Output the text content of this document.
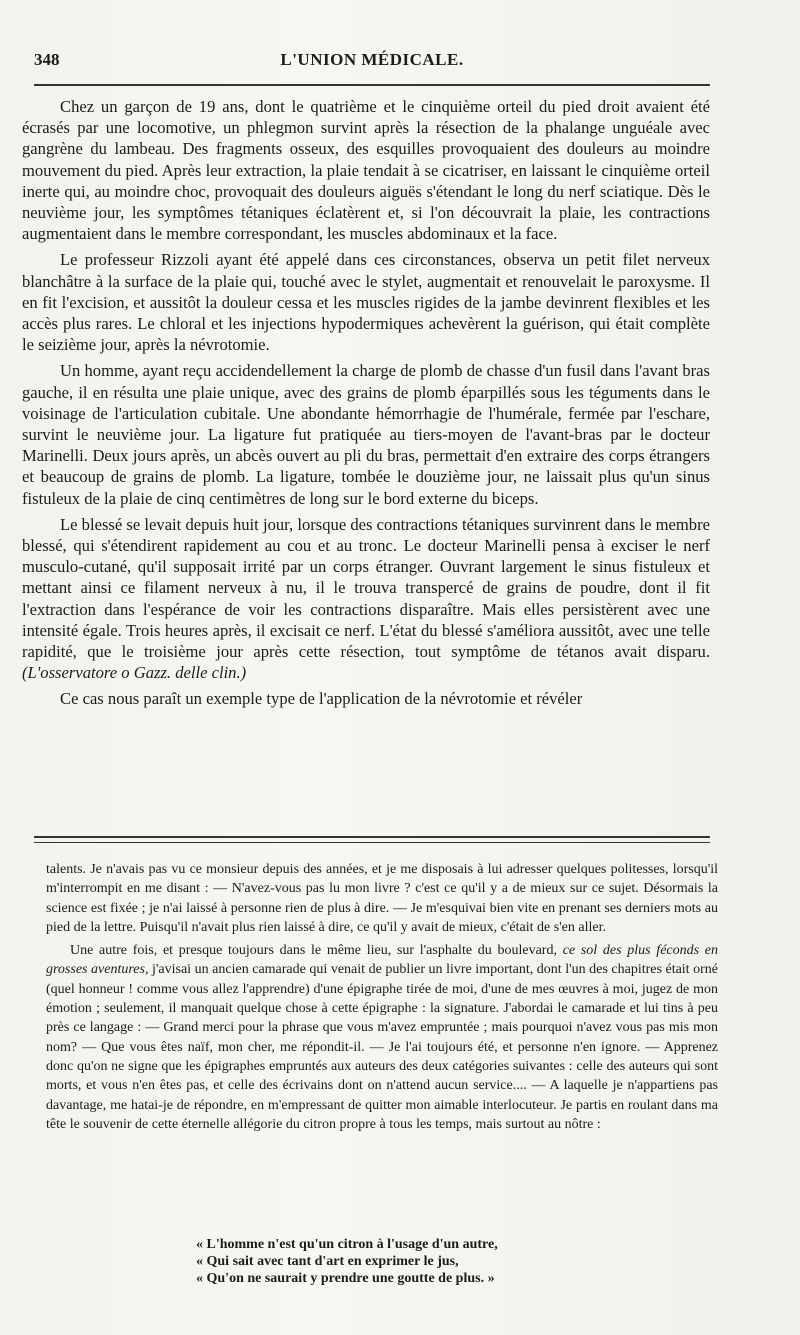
348	L'UNION MÉDICALE.

Chez un garçon de 19 ans, dont le quatrième et le cinquième orteil du pied droit avaient été écrasés par une locomotive, un phlegmon survint après la résection de la phalange unguéale avec gangrène du lambeau. Des fragments osseux, des esquilles provoquaient des douleurs au moindre mouvement du pied. Après leur extraction, la plaie tendait à se cicatriser, en laissant le cinquième orteil inerte qui, au moindre choc, provoquait des douleurs aiguës s'étendant le long du nerf sciatique. Dès le neuvième jour, les symptômes tétaniques éclatèrent et, si l'on découvrait la plaie, les contractions augmentaient dans le membre correspondant, les muscles abdominaux et la face.

Le professeur Rizzoli ayant été appelé dans ces circonstances, observa un petit filet nerveux blanchâtre à la surface de la plaie qui, touché avec le stylet, augmentait et renouvelait le paroxysme. Il en fit l'excision, et aussitôt la douleur cessa et les muscles rigides de la jambe devinrent flexibles et les accès plus rares. Le chloral et les injections hypodermiques achevèrent la guérison, qui était complète le seizième jour, après la névrotomie.

Un homme, ayant reçu accidendellement la charge de plomb de chasse d'un fusil dans l'avant bras gauche, il en résulta une plaie unique, avec des grains de plomb éparpillés sous les téguments dans le voisinage de l'articulation cubitale. Une abondante hémorrhagie de l'humérale, fermée par l'eschare, survint le neuvième jour. La ligature fut pratiquée au tiers-moyen de l'avant-bras par le docteur Marinelli. Deux jours après, un abcès ouvert au pli du bras, permettait d'en extraire des corps étrangers et beaucoup de grains de plomb. La ligature, tombée le douzième jour, ne laissait plus qu'un sinus fistuleux de la plaie de cinq centimètres de long sur le bord externe du biceps.

Le blessé se levait depuis huit jour, lorsque des contractions tétaniques survinrent dans le membre blessé, qui s'étendirent rapidement au cou et au tronc. Le docteur Marinelli pensa à exciser le nerf musculo-cutané, qu'il supposait irrité par un corps étranger. Ouvrant largement le sinus fistuleux et mettant ainsi ce filament nerveux à nu, il le trouva transpercé de grains de poudre, dont il fit l'extraction dans l'espérance de voir les contractions disparaître. Mais elles persistèrent avec une intensité égale. Trois heures après, il excisait ce nerf. L'état du blessé s'améliora aussitôt, avec une telle rapidité, que le troisième jour après cette résection, tout symptôme de tétanos avait disparu. (L'osservatore o Gazz. delle clin.)

Ce cas nous paraît un exemple type de l'application de la névrotomie et révéler

talents. Je n'avais pas vu ce monsieur depuis des années, et je me disposais à lui adresser quelques politesses, lorsqu'il m'interrompit en me disant : — N'avez-vous pas lu mon livre ? c'est ce qu'il y a de mieux sur ce sujet. Désormais la science est fixée ; je n'ai laissé à personne rien de plus à dire. — Je m'esquivai bien vite en prenant ses derniers mots au pied de la lettre. Puisqu'il n'avait plus rien laissé à dire, ce qu'il y avait de mieux, c'était de s'en aller.

Une autre fois, et presque toujours dans le même lieu, sur l'asphalte du boulevard, ce sol des plus féconds en grosses aventures, j'avisai un ancien camarade qui venait de publier un livre important, dont l'un des chapitres était orné (quel honneur ! comme vous allez l'apprendre) d'une épigraphe tirée de moi, d'une de mes œuvres à moi, jugez de mon émotion ; seulement, il manquait quelque chose à cette épigraphe : la signature. J'abordai le camarade et lui tins à peu près ce langage : — Grand merci pour la phrase que vous m'avez empruntée ; mais pourquoi n'avez vous pas mis mon nom? — Que vous êtes naïf, mon cher, me répondit-il. — Je l'ai toujours été, et personne n'en ignore. — Apprenez donc qu'on ne signe que les épigraphes empruntés aux auteurs des deux catégories suivantes : celle des auteurs qui sont morts, et vous n'en êtes pas, et celle des écrivains dont on n'attend aucun service.... — A laquelle je n'appartiens pas davantage, me hatai-je de répondre, en m'empressant de quitter mon aimable interlocuteur. Je partis en roulant dans ma tête le souvenir de cette éternelle allégorie du citron propre à tous les temps, mais surtout au nôtre :

« L'homme n'est qu'un citron à l'usage d'un autre,
« Qui sait avec tant d'art en exprimer le jus,
« Qu'on ne saurait y prendre une goutte de plus. »
